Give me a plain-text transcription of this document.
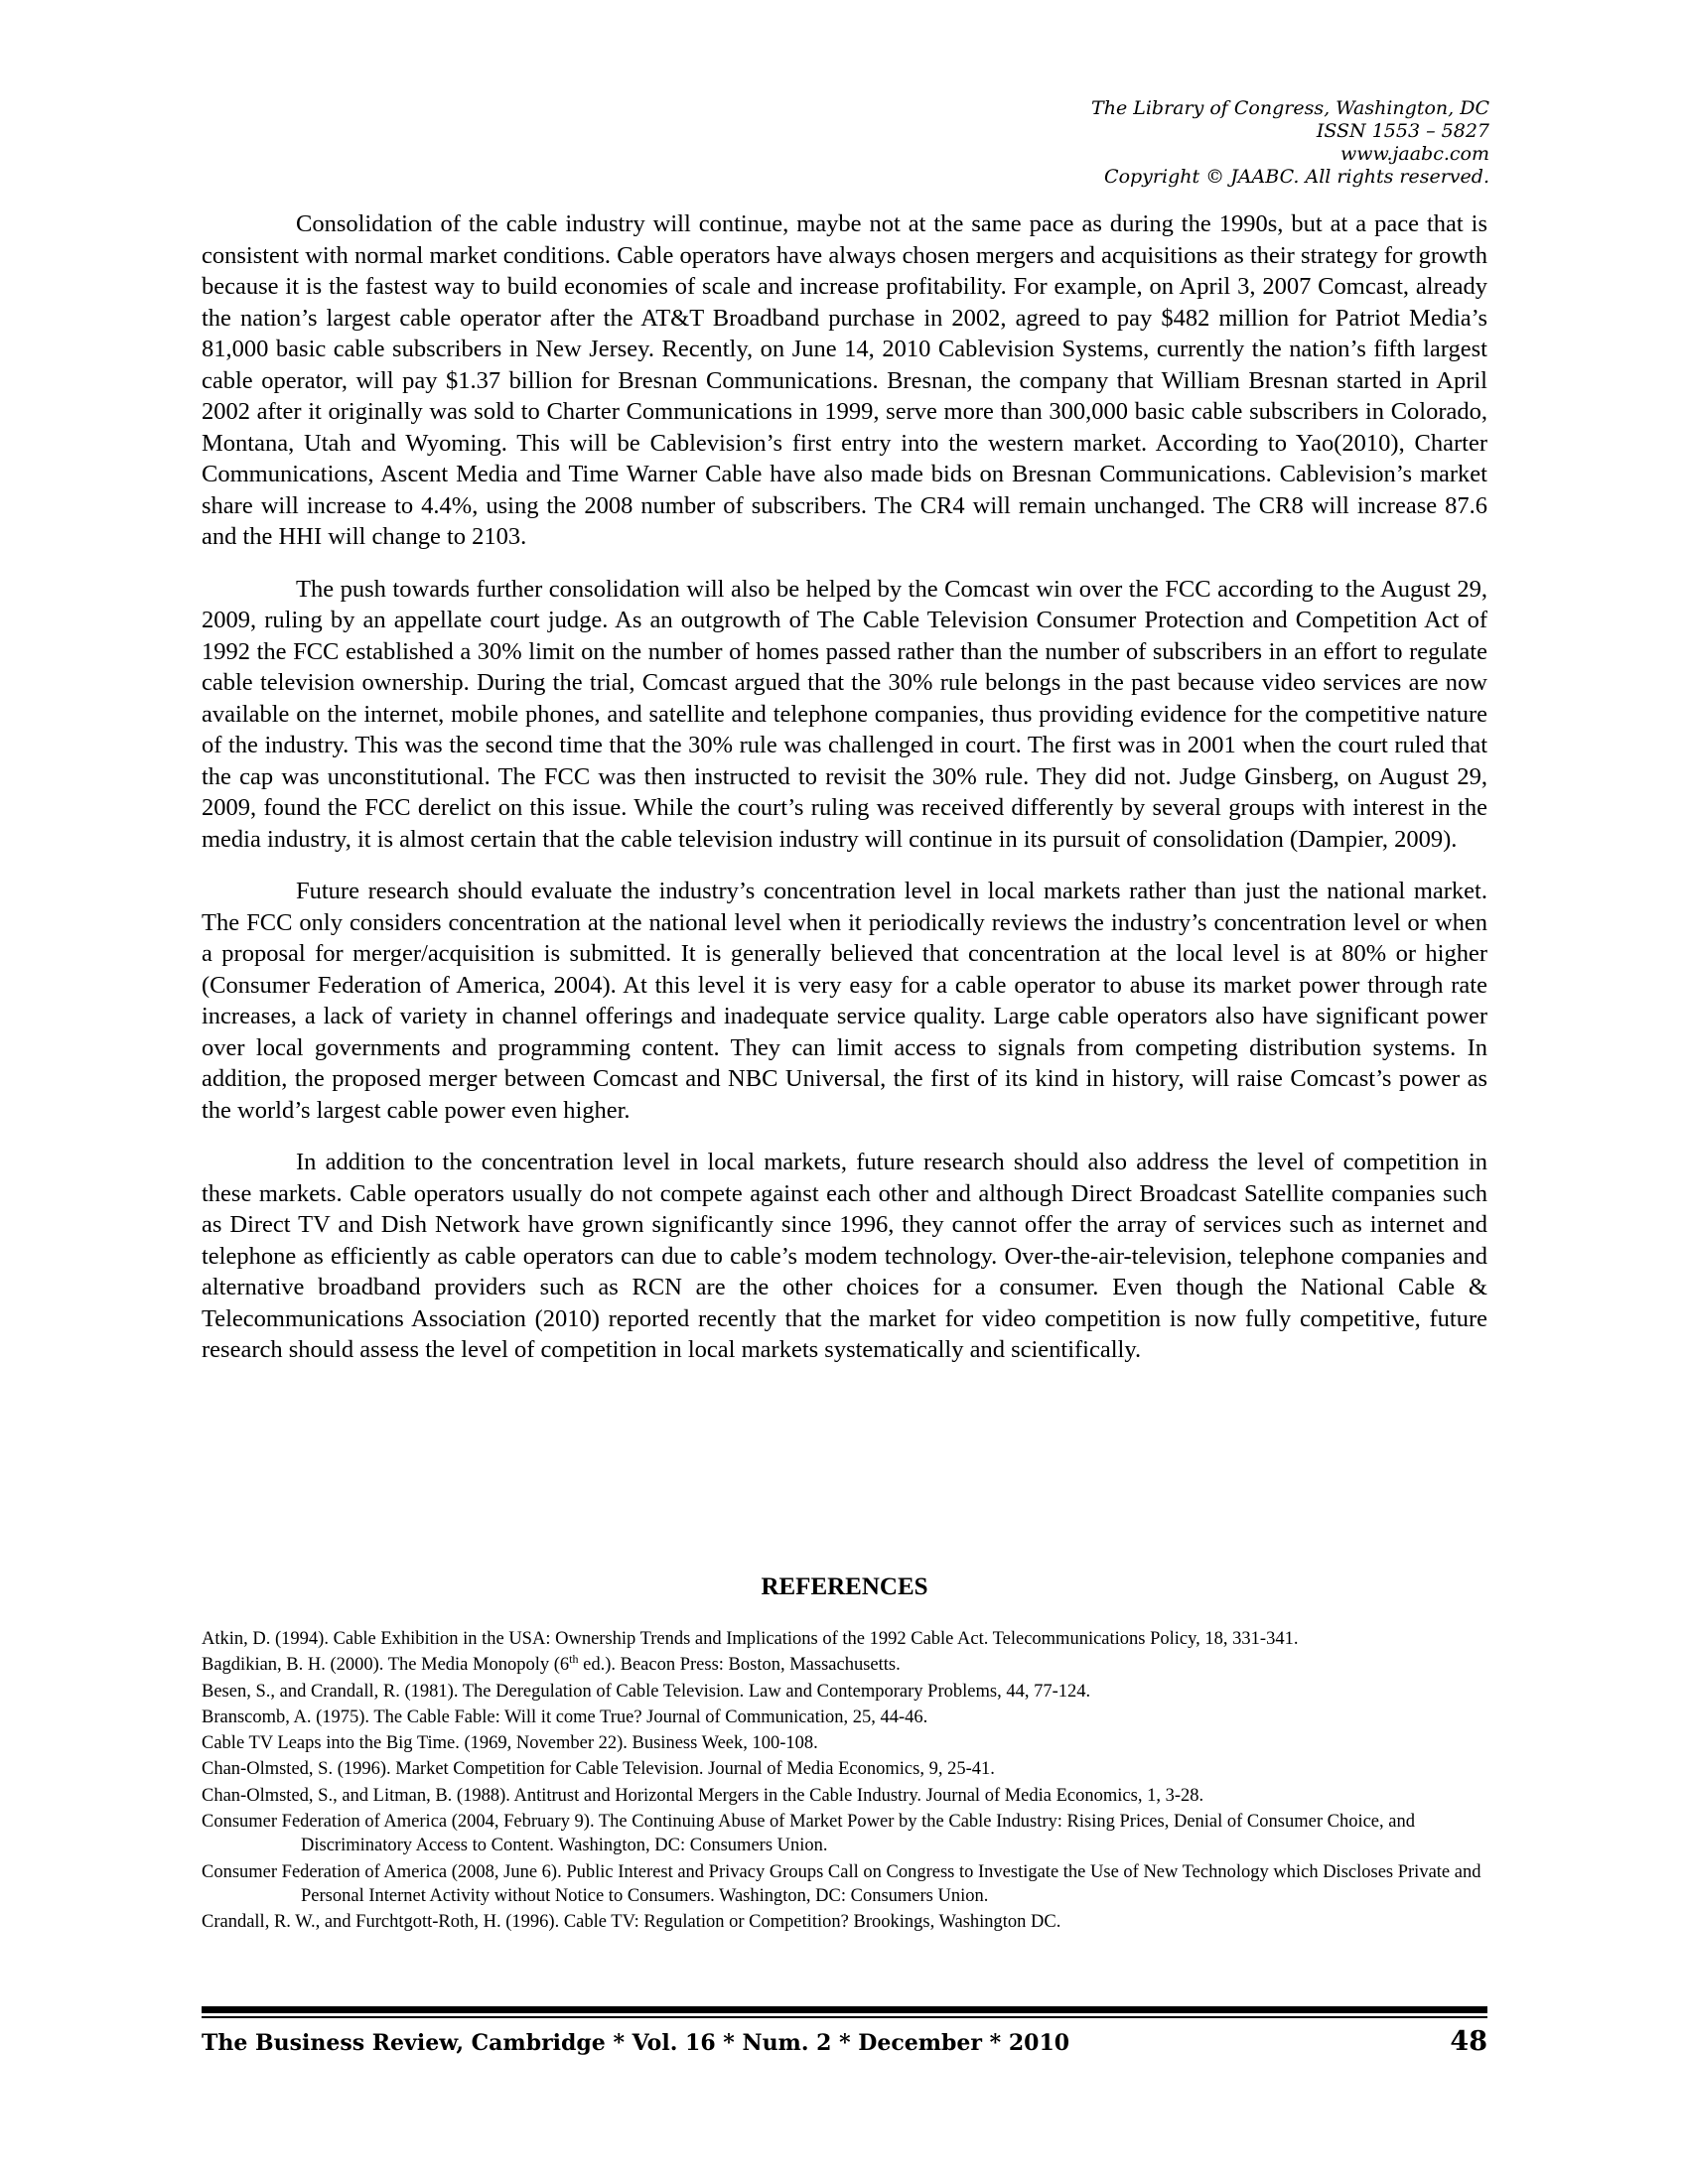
The Library of Congress, Washington, DC
ISSN 1553 – 5827
www.jaabc.com
Copyright © JAABC. All rights reserved.

Consolidation of the cable industry will continue, maybe not at the same pace as during the 1990s, but at a pace that is consistent with normal market conditions. Cable operators have always chosen mergers and acquisitions as their strategy for growth because it is the fastest way to build economies of scale and increase profitability. For example, on April 3, 2007 Comcast, already the nation’s largest cable operator after the AT&T Broadband purchase in 2002, agreed to pay $482 million for Patriot Media’s 81,000 basic cable subscribers in New Jersey. Recently, on June 14, 2010 Cablevision Systems, currently the nation’s fifth largest cable operator, will pay $1.37 billion for Bresnan Communications. Bresnan, the company that William Bresnan started in April 2002 after it originally was sold to Charter Communications in 1999, serve more than 300,000 basic cable subscribers in Colorado, Montana, Utah and Wyoming. This will be Cablevision’s first entry into the western market. According to Yao(2010), Charter Communications, Ascent Media and Time Warner Cable have also made bids on Bresnan Communications. Cablevision’s market share will increase to 4.4%, using the 2008 number of subscribers. The CR4 will remain unchanged. The CR8 will increase 87.6 and the HHI will change to 2103.

The push towards further consolidation will also be helped by the Comcast win over the FCC according to the August 29, 2009, ruling by an appellate court judge. As an outgrowth of The Cable Television Consumer Protection and Competition Act of 1992 the FCC established a 30% limit on the number of homes passed rather than the number of subscribers in an effort to regulate cable television ownership. During the trial, Comcast argued that the 30% rule belongs in the past because video services are now available on the internet, mobile phones, and satellite and telephone companies, thus providing evidence for the competitive nature of the industry. This was the second time that the 30% rule was challenged in court. The first was in 2001 when the court ruled that the cap was unconstitutional. The FCC was then instructed to revisit the 30% rule. They did not. Judge Ginsberg, on August 29, 2009, found the FCC derelict on this issue. While the court’s ruling was received differently by several groups with interest in the media industry, it is almost certain that the cable television industry will continue in its pursuit of consolidation (Dampier, 2009).

Future research should evaluate the industry’s concentration level in local markets rather than just the national market. The FCC only considers concentration at the national level when it periodically reviews the industry’s concentration level or when a proposal for merger/acquisition is submitted. It is generally believed that concentration at the local level is at 80% or higher (Consumer Federation of America, 2004). At this level it is very easy for a cable operator to abuse its market power through rate increases, a lack of variety in channel offerings and inadequate service quality. Large cable operators also have significant power over local governments and programming content. They can limit access to signals from competing distribution systems. In addition, the proposed merger between Comcast and NBC Universal, the first of its kind in history, will raise Comcast’s power as the world’s largest cable power even higher.

In addition to the concentration level in local markets, future research should also address the level of competition in these markets. Cable operators usually do not compete against each other and although Direct Broadcast Satellite companies such as Direct TV and Dish Network have grown significantly since 1996, they cannot offer the array of services such as internet and telephone as efficiently as cable operators can due to cable’s modem technology. Over-the-air-television, telephone companies and alternative broadband providers such as RCN are the other choices for a consumer. Even though the National Cable & Telecommunications Association (2010) reported recently that the market for video competition is now fully competitive, future research should assess the level of competition in local markets systematically and scientifically.

REFERENCES
Atkin, D. (1994). Cable Exhibition in the USA: Ownership Trends and Implications of the 1992 Cable Act. Telecommunications Policy, 18, 331-341.
Bagdikian, B. H. (2000). The Media Monopoly (6th ed.). Beacon Press: Boston, Massachusetts.
Besen, S., and Crandall, R. (1981). The Deregulation of Cable Television. Law and Contemporary Problems, 44, 77-124.
Branscomb, A. (1975). The Cable Fable: Will it come True? Journal of Communication, 25, 44-46.
Cable TV Leaps into the Big Time. (1969, November 22). Business Week, 100-108.
Chan-Olmsted, S. (1996). Market Competition for Cable Television. Journal of Media Economics, 9, 25-41.
Chan-Olmsted, S., and Litman, B. (1988). Antitrust and Horizontal Mergers in the Cable Industry. Journal of Media Economics, 1, 3-28.
Consumer Federation of America (2004, February 9). The Continuing Abuse of Market Power by the Cable Industry: Rising Prices, Denial of Consumer Choice, and Discriminatory Access to Content. Washington, DC: Consumers Union.
Consumer Federation of America (2008, June 6). Public Interest and Privacy Groups Call on Congress to Investigate the Use of New Technology which Discloses Private and Personal Internet Activity without Notice to Consumers. Washington, DC: Consumers Union.
Crandall, R. W., and Furchtgott-Roth, H. (1996). Cable TV: Regulation or Competition? Brookings, Washington DC.
The Business Review, Cambridge * Vol. 16 * Num. 2 * December * 2010	48
